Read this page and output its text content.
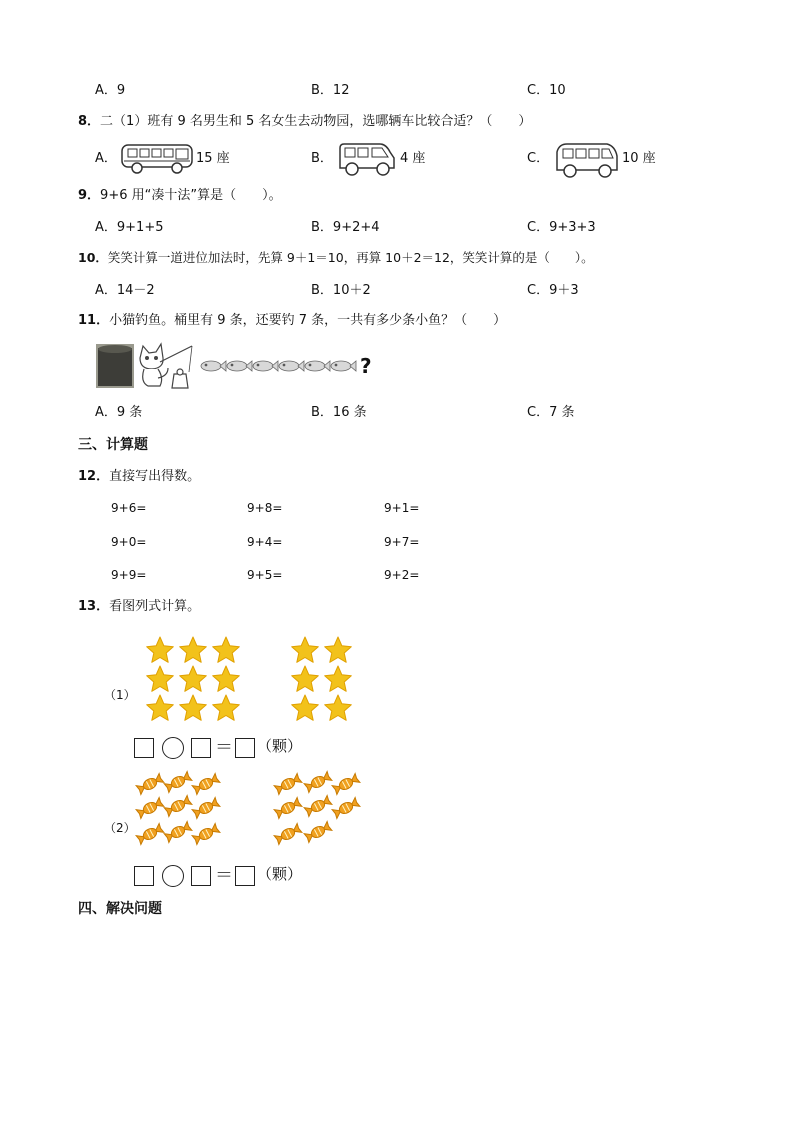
A．9	B．12	C．10
8．二（1）班有 9 名男生和 5 名女生去动物园，选哪辆车比较合适？（　　）
A．	15 座	B．	4 座	C．	10 座
9．9+6 用“凑十法”算是（　　）。
A．9+1+5	B．9+2+4	C．9+3+3
10．笑笑计算一道进位加法时，先算 9＋1＝10，再算 10＋2＝12，笑笑计算的是（　　）。
A．14－2	B．10＋2	C．9＋3
11．小猫钓鱼。桶里有 9 条，还要钓 7 条，一共有多少条小鱼？（　　）
?
A．9 条	B．16 条	C．7 条
三、计算题
12．直接写出得数。
9+6=	9+8=	9+1=
9+0=	9+4=	9+7=
9+9=	9+5=	9+2=
13．看图列式计算。
（1）
＝ （颗）
（2）
＝ （颗）
四、解决问题
